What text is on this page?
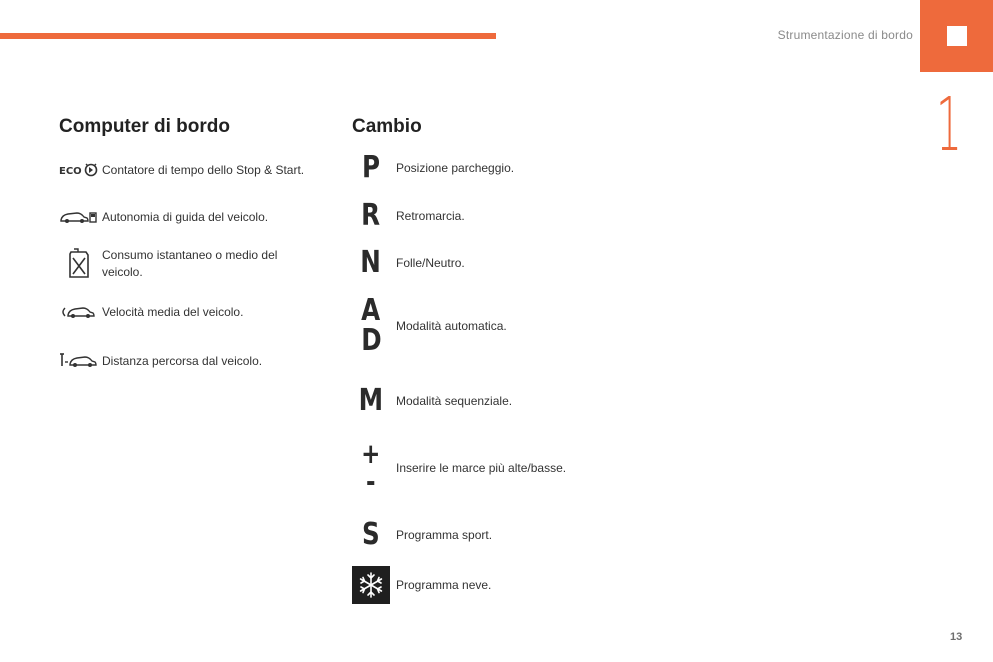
Strumentazione di bordo
1
13
Computer di bordo
ECO Contatore di tempo dello Stop & Start.
Autonomia di guida del veicolo.
Consumo istantaneo o medio del veicolo.
Velocità media del veicolo.
Distanza percorsa dal veicolo.
Cambio
P Posizione parcheggio.
R Retromarcia.
N Folle/Neutro.
A
D Modalità automatica.
M Modalità sequenziale.
+
- Inserire le marce più alte/basse.
S Programma sport.
Programma neve.
